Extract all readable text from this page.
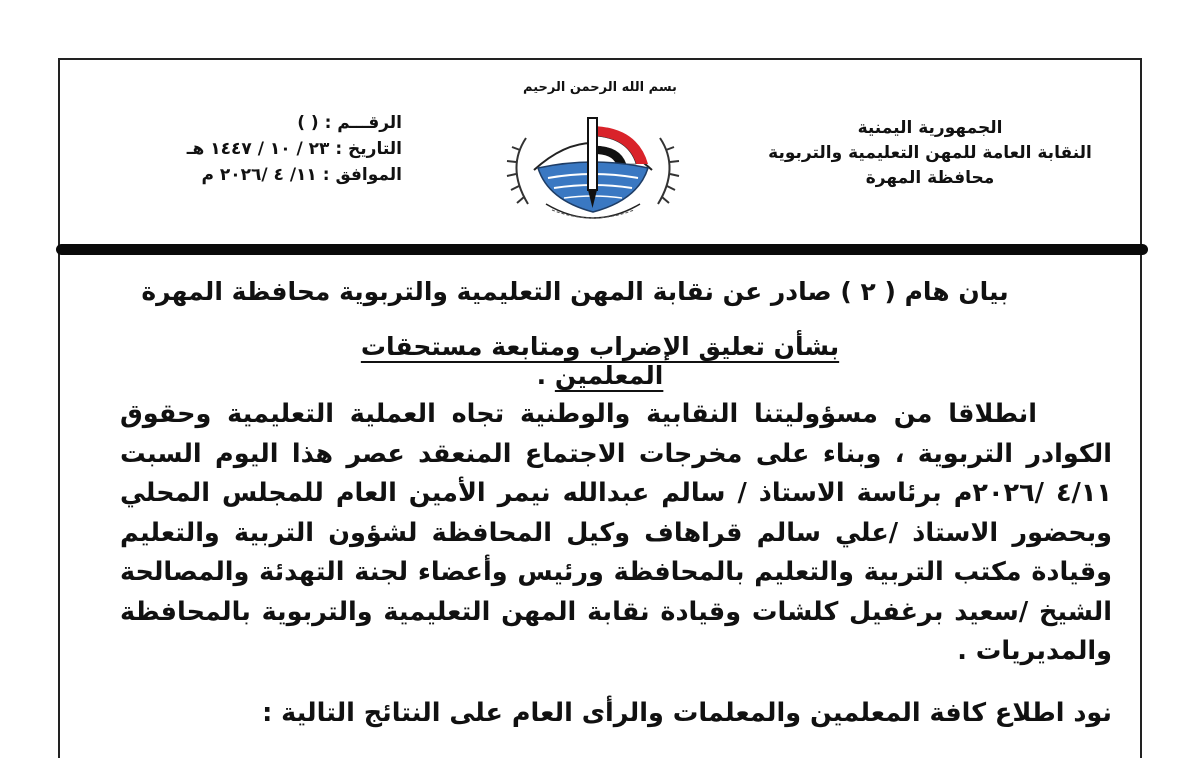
بسم الله الرحمن الرحيم
الجمهورية اليمنية
النقابة العامة للمهن التعليمية والتربوية
محافظة المهرة
الرقـــم : ( )
التاريخ : ٢٣ / ١٠ / ١٤٤٧ هـ
الموافق : ١١/ ٤ /٢٠٢٦ م
بيان هام ( ٢ ) صادر عن نقابة المهن التعليمية والتربوية محافظة المهرة
بشأن تعليق الإضراب ومتابعة مستحقات المعلمين .
انطلاقا من مسؤوليتنا النقابية والوطنية تجاه العملية التعليمية وحقوق الكوادر التربوية ، وبناء على مخرجات الاجتماع المنعقد عصر هذا اليوم السبت ٤/١١ /٢٠٢٦م برئاسة الاستاذ / سالم عبدالله نيمر الأمين العام للمجلس المحلي وبحضور الاستاذ /علي سالم قراهاف وكيل المحافظة لشؤون التربية والتعليم وقيادة مكتب التربية والتعليم بالمحافظة ورئيس وأعضاء لجنة التهدئة والمصالحة الشيخ /سعيد برغفيل كلشات وقيادة نقابة المهن التعليمية والتربوية بالمحافظة والمديريات .
نود اطلاع كافة المعلمين والمعلمات والرأى العام على النتائج التالية :
